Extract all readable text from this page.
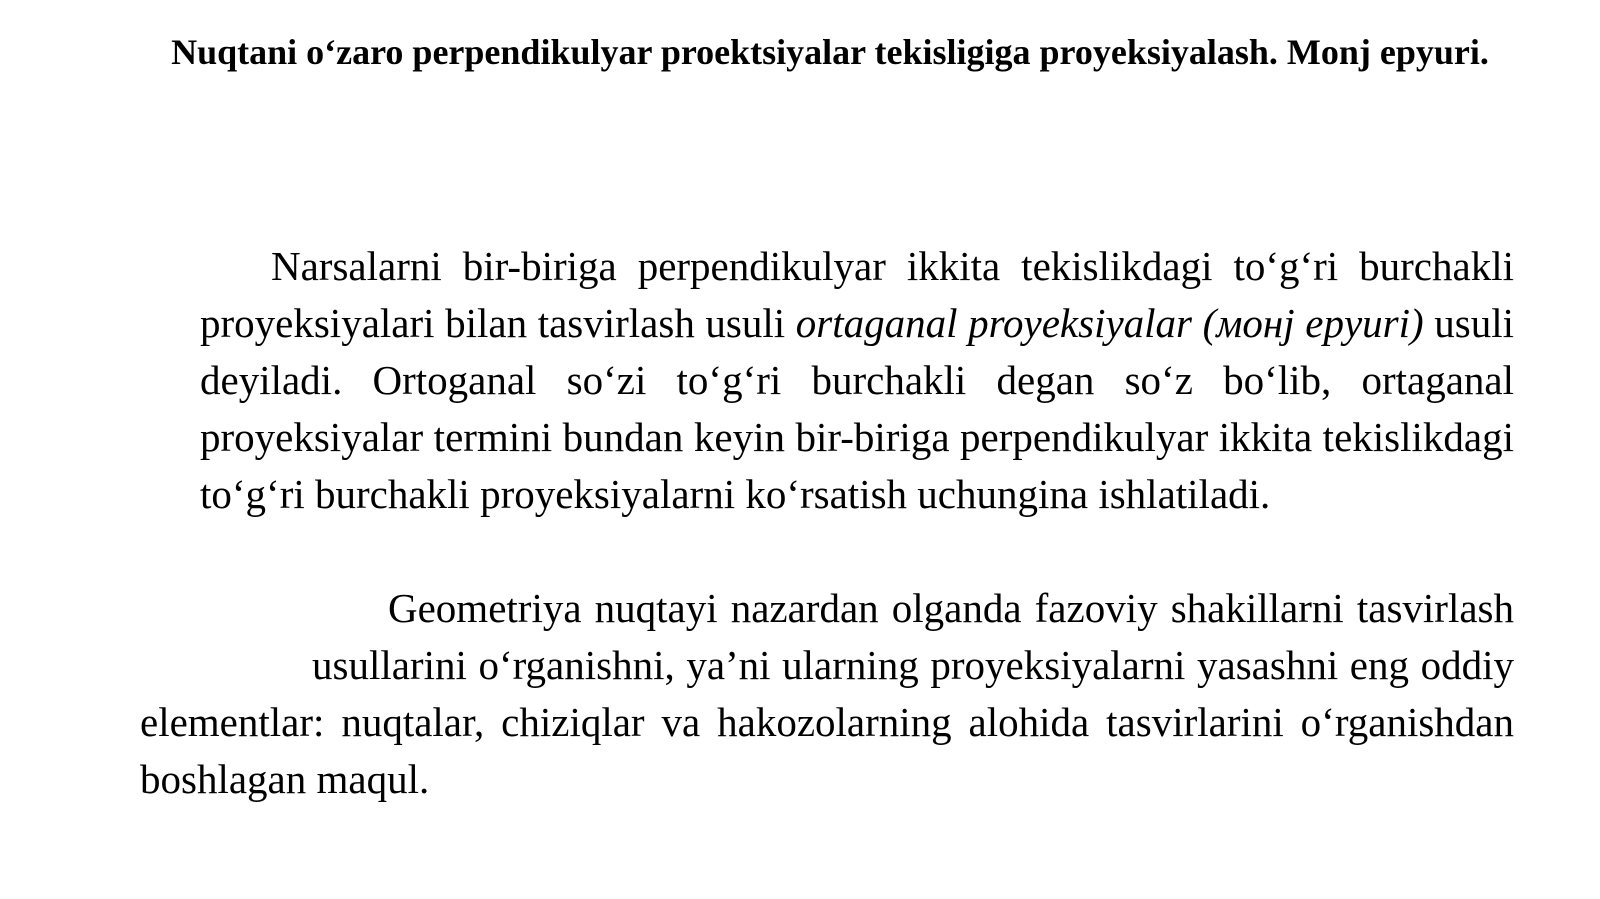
Nuqtani o‘zaro perpendikulyar proektsiyalar tekisligiga proyeksiyalash. Monj epyuri.

Narsalarni bir-biriga perpendikulyar ikkita tekislikdagi to‘g‘ri burchakli proyeksiyalari bilan tasvirlash usuli ortaganal proyeksiyalar (монj epyuri) usuli deyiladi. Ortoganal so‘zi to‘g‘ri burchakli degan so‘z bo‘lib, ortaganal proyeksiyalar termini bundan keyin bir-biriga perpendikulyar ikkita tekislikdagi to‘g‘ri burchakli proyeksiyalarni ko‘rsatish uchungina ishlatiladi.

Geometriya nuqtayi nazardan olganda fazoviy shakillarni tasvirlashusullarini o‘rganishni, ya’ni ularning proyeksiyalarni yasashni eng oddiy elementlar: nuqtalar, chiziqlar va hakozolarning alohida tasvirlarini o‘rganishdan boshlagan maqul.
